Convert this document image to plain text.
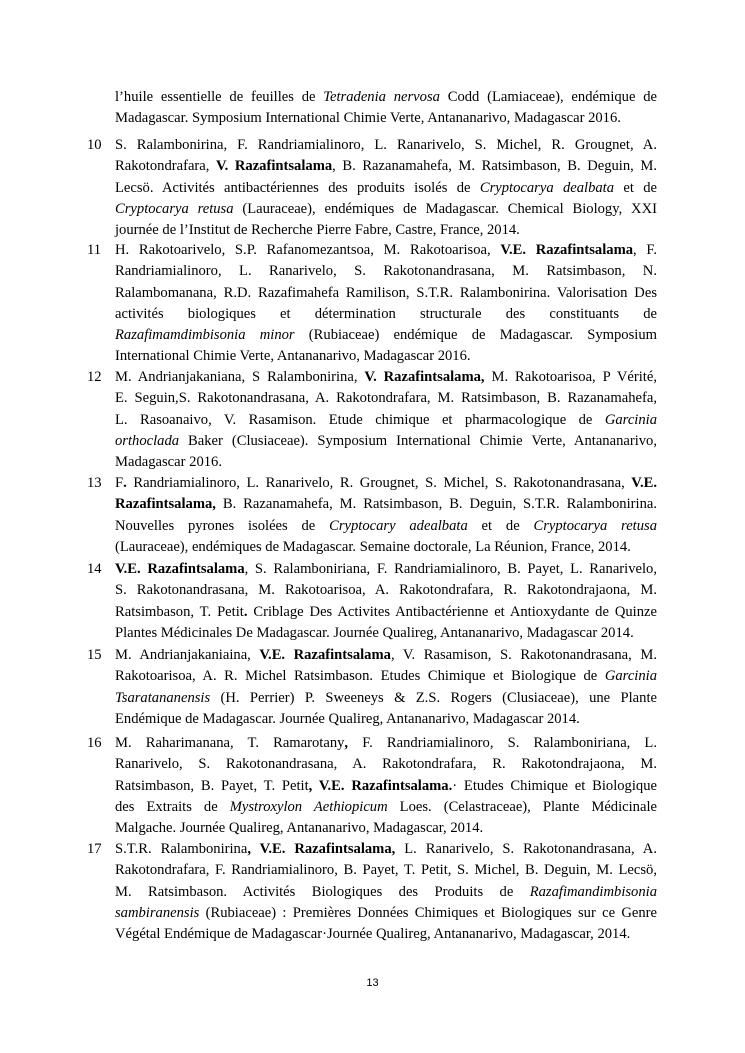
l’huile essentielle de feuilles de Tetradenia nervosa Codd (Lamiaceae), endémique de
Madagascar. Symposium International Chimie Verte, Antananarivo, Madagascar 2016.
10 S. Ralambonirina, F. Randriamialinoro, L. Ranarivelo, S. Michel, R. Grougnet, A.
Rakotondrafara, V. Razafintsalama, B. Razanamahefa, M. Ratsimbason, B. Deguin, M.
Lecsö. Activités antibactériennes des produits isolés de Cryptocarya dealbata et de
Cryptocarya retusa (Lauraceae), endémiques de Madagascar. Chemical Biology, XXI
journée de l’Institut de Recherche Pierre Fabre, Castre, France, 2014.
11 H. Rakotoarivelo, S.P. Rafanomezantsoa, M. Rakotoarisoa, V.E. Razafintsalama, F.
Randriamialinoro, L. Ranarivelo, S. Rakotonandrasana, M. Ratsimbason, N.
Ralambomanana, R.D. Razafimahefa Ramilison, S.T.R. Ralambonirina. Valorisation Des
activités biologiques et détermination structurale des constituants de
Razafimamdimbisonia minor (Rubiaceae) endémique de Madagascar. Symposium
International Chimie Verte, Antananarivo, Madagascar 2016.
12 M. Andrianjakaniana, S Ralambonirina, V. Razafintsalama, M. Rakotoarisoa, P Vérité,
E. Seguin,S. Rakotonandrasana, A. Rakotondrafara, M. Ratsimbason, B. Razanamahefa,
L. Rasoanaivo, V. Rasamison. Etude chimique et pharmacologique de Garcinia
orthoclada Baker (Clusiaceae). Symposium International Chimie Verte, Antananarivo,
Madagascar 2016.
13 F. Randriamialinoro, L. Ranarivelo, R. Grougnet, S. Michel, S. Rakotonandrasana, V.E.
Razafintsalama, B. Razanamahefa, M. Ratsimbason, B. Deguin, S.T.R. Ralambonirina.
Nouvelles pyrones isolées de Cryptocary adealbata et de Cryptocarya retusa
(Lauraceae), endémiques de Madagascar. Semaine doctorale, La Réunion, France, 2014.
14 V.E. Razafintsalama, S. Ralamboniriana, F. Randriamialinoro, B. Payet, L. Ranarivelo,
S. Rakotonandrasana, M. Rakotoarisoa, A. Rakotondrafara, R. Rakotondrajaona, M.
Ratsimbason, T. Petit. Criblage Des Activites Antibactérienne et Antioxydante de Quinze
Plantes Médicinales De Madagascar. Journée Qualireg, Antananarivo, Madagascar 2014.
15 M. Andrianjakaniaina, V.E. Razafintsalama, V. Rasamison, S. Rakotonandrasana, M.
Rakotoarisoa, A. R. Michel Ratsimbason. Etudes Chimique et Biologique de Garcinia
Tsaratananensis (H. Perrier) P. Sweeneys & Z.S. Rogers (Clusiaceae), une Plante
Endémique de Madagascar. Journée Qualireg, Antananarivo, Madagascar 2014.
16 M. Raharimanana, T. Ramarotany, F. Randriamialinoro, S. Ralamboniriana, L.
Ranarivelo, S. Rakotonandrasana, A. Rakotondrafara, R. Rakotondrajaona, M.
Ratsimbason, B. Payet, T. Petit, V.E. Razafintsalama.· Etudes Chimique et Biologique
des Extraits de Mystroxylon Aethiopicum Loes. (Celastraceae), Plante Médicinale
Malgache. Journée Qualireg, Antananarivo, Madagascar, 2014.
17 S.T.R. Ralambonirina, V.E. Razafintsalama, L. Ranarivelo, S. Rakotonandrasana, A.
Rakotondrafara, F. Randriamialinoro, B. Payet, T. Petit, S. Michel, B. Deguin, M. Lecsö,
M. Ratsimbason. Activités Biologiques des Produits de Razafimandimbisonia
sambiranensis (Rubiaceae) : Premières Données Chimiques et Biologiques sur ce Genre
Végétal Endémique de Madagascar·Journée Qualireg, Antananarivo, Madagascar, 2014.
13
